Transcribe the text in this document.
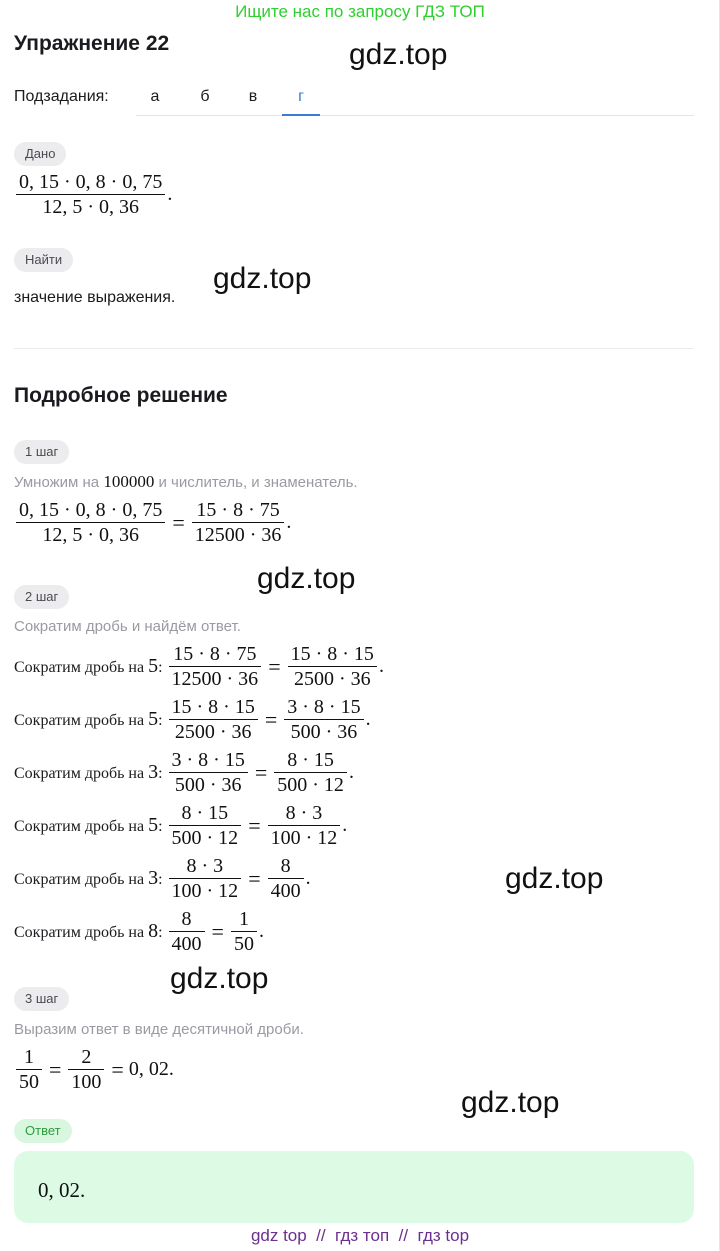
Ищите нас по запросу ГДЗ ТОП
Упражнение 22	gdz.top
Подзадания:	а	б	в	г
Дано
$\frac{0, 15 \cdot 0, 8 \cdot 0, 75}{12, 5 \cdot 0, 36}$ .
Найти
gdz.top
значение выражения.
Подробное решение
1 шаг
Умножим на 100000 и числитель, и знаменатель.
$\frac{0, 15 \cdot 0, 8 \cdot 0, 75}{12, 5 \cdot 0, 36} = \frac{15 \cdot 8 \cdot 75}{12500 \cdot 36}$ .
gdz.top
2 шаг
Сократим дробь и найдём ответ.
Сократим дробь на 5: $\frac{15 \cdot 8 \cdot 75}{12500 \cdot 36} = \frac{15 \cdot 8 \cdot 15}{2500 \cdot 36}$ .
Сократим дробь на 5: $\frac{15 \cdot 8 \cdot 15}{2500 \cdot 36} = \frac{3 \cdot 8 \cdot 15}{500 \cdot 36}$ .
Сократим дробь на 3: $\frac{3 \cdot 8 \cdot 15}{500 \cdot 36} = \frac{8 \cdot 15}{500 \cdot 12}$ .
Сократим дробь на 5: $\frac{8 \cdot 15}{500 \cdot 12} = \frac{8 \cdot 3}{100 \cdot 12}$ .
Сократим дробь на 3: $\frac{8 \cdot 3}{100 \cdot 12} = \frac{8}{400}$ .	gdz.top
Сократим дробь на 8: $\frac{8}{400} = \frac{1}{50}$ .
gdz.top
3 шаг
Выразим ответ в виде десятичной дроби.
$\frac{1}{50} = \frac{2}{100} = 0$, 02.
gdz.top
Ответ
0, 02.
gdz top  //  гдз топ  //  гдз top
